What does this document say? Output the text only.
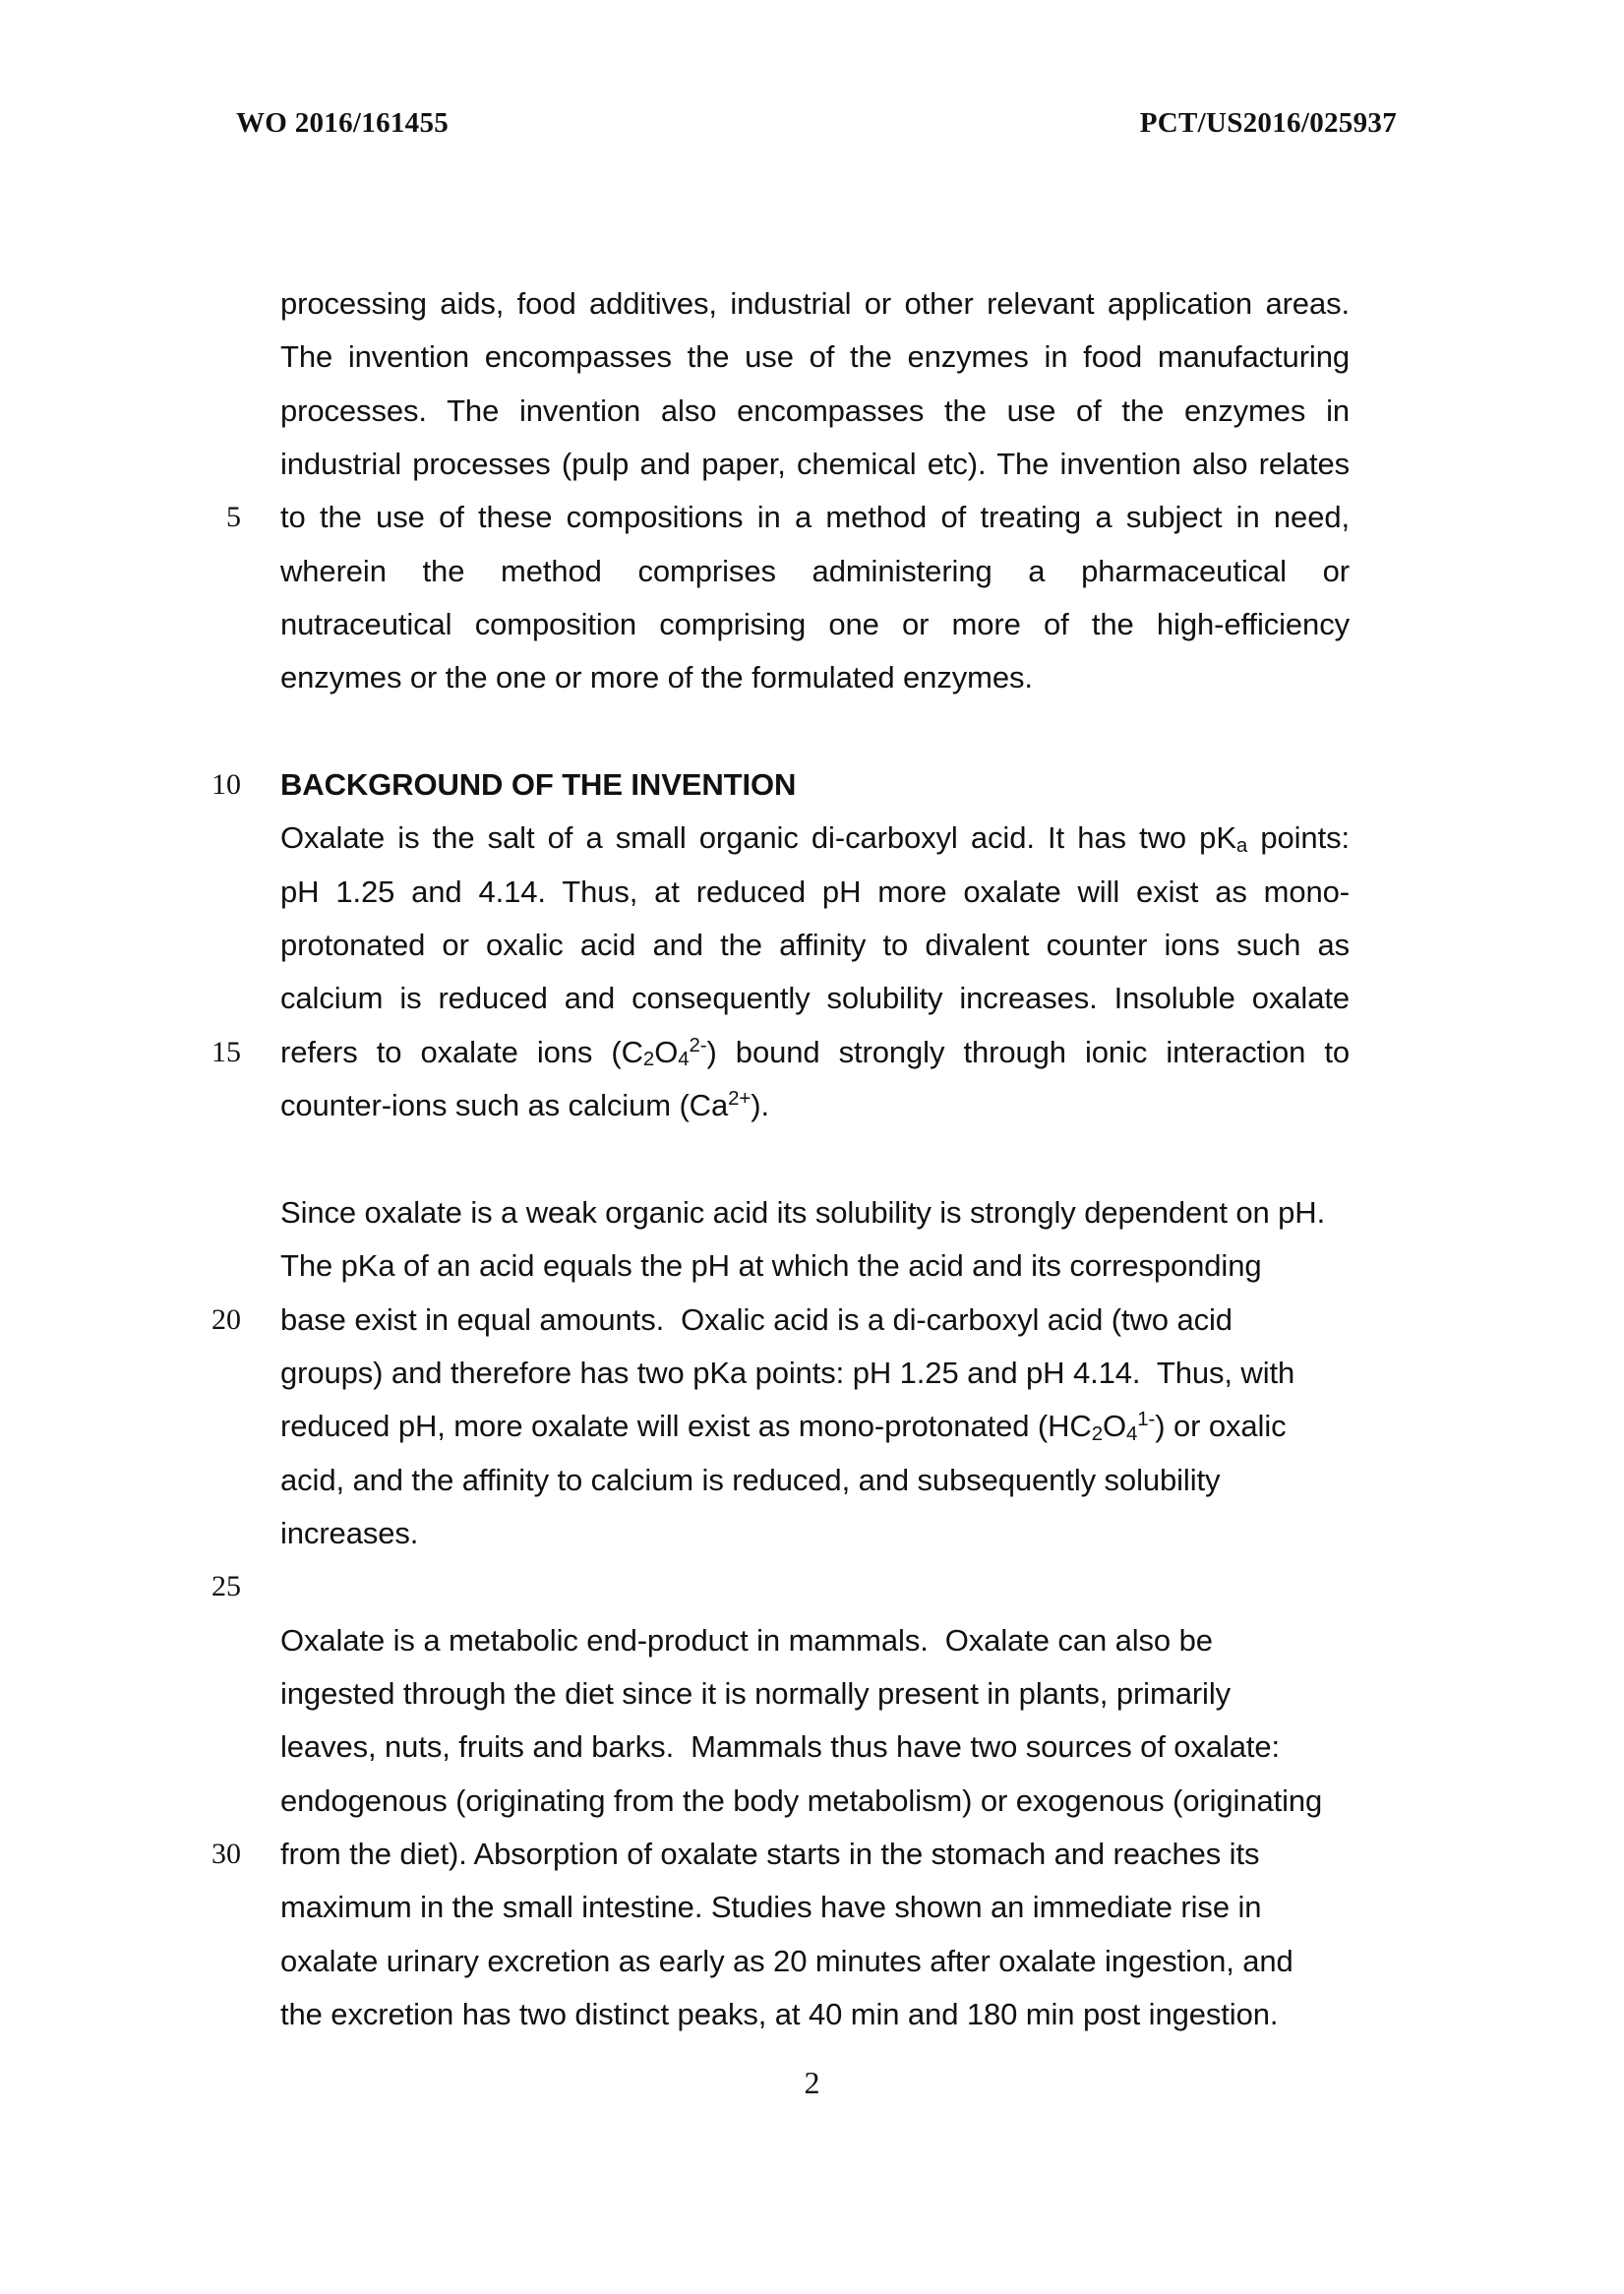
WO 2016/161455	PCT/US2016/025937
processing aids, food additives, industrial or other relevant application areas.
The invention encompasses the use of the enzymes in food manufacturing
processes. The invention also encompasses the use of the enzymes in
industrial processes (pulp and paper, chemical etc). The invention also relates
5 to the use of these compositions in a method of treating a subject in need,
wherein the method comprises administering a pharmaceutical or
nutraceutical composition comprising one or more of the high-efficiency
enzymes or the one or more of the formulated enzymes.
10 BACKGROUND OF THE INVENTION
Oxalate is the salt of a small organic di-carboxyl acid. It has two $pK_a$ points:
pH 1.25 and 4.14. Thus, at reduced pH more oxalate will exist as mono-
protonated or oxalic acid and the affinity to divalent counter ions such as
calcium is reduced and consequently solubility increases. Insoluble oxalate
15 refers to oxalate ions $(C_2O_4^{2-})$ bound strongly through ionic interaction to
counter-ions such as calcium $(Ca^{2+})$.
Since oxalate is a weak organic acid its solubility is strongly dependent on pH.
The pKa of an acid equals the pH at which the acid and its corresponding
20 base exist in equal amounts.  Oxalic acid is a di-carboxyl acid (two acid
groups) and therefore has two pKa points: pH 1.25 and pH 4.14.  Thus, with
reduced pH, more oxalate will exist as mono-protonated $(HC_2O_4^{1-})$ or oxalic
acid, and the affinity to calcium is reduced, and subsequently solubility
increases.
25
Oxalate is a metabolic end-product in mammals.  Oxalate can also be
ingested through the diet since it is normally present in plants, primarily
leaves, nuts, fruits and barks.  Mammals thus have two sources of oxalate:
endogenous (originating from the body metabolism) or exogenous (originating
30 from the diet). Absorption of oxalate starts in the stomach and reaches its
maximum in the small intestine. Studies have shown an immediate rise in
oxalate urinary excretion as early as 20 minutes after oxalate ingestion, and
the excretion has two distinct peaks, at 40 min and 180 min post ingestion.
2
